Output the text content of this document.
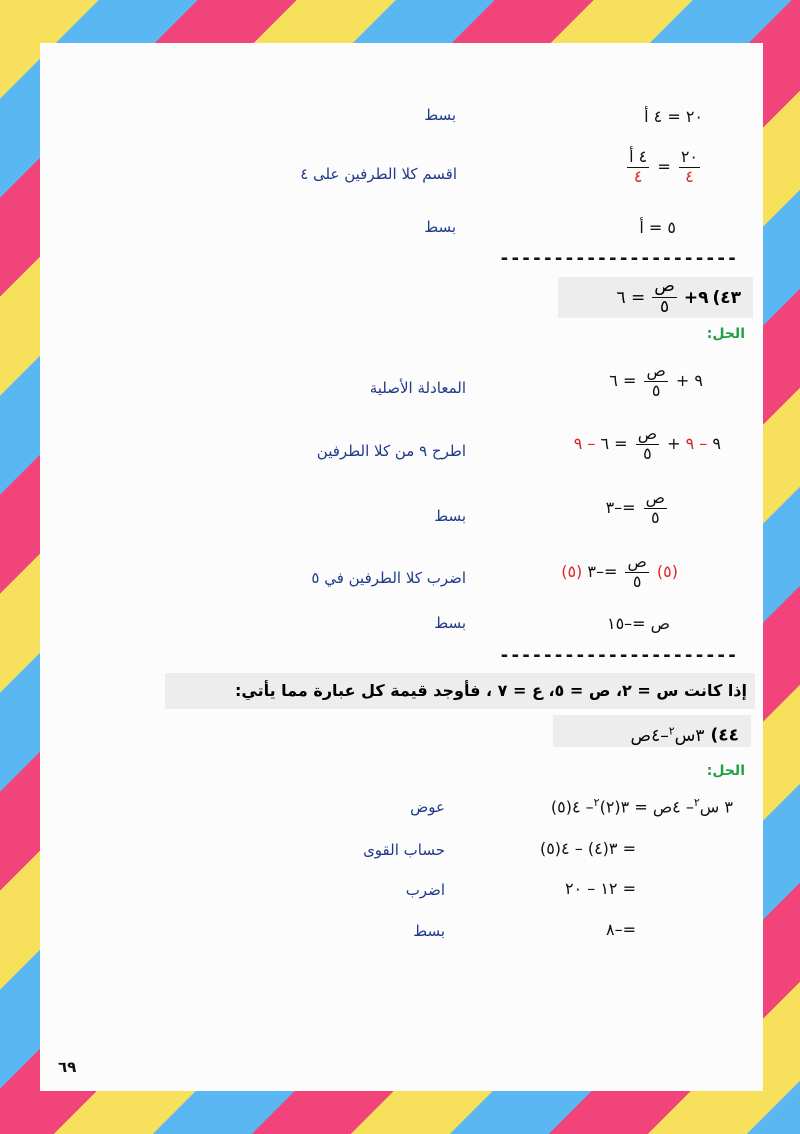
٢٠ = ٤ أ
بسط
$\frac{٢٠}{٤}$
=
$\frac{\text{٤ أ}}{٤}$
اقسم كلا الطرفين على ٤
٥ = أ
بسط
----------------------
٤٣)
٩+
$\frac{\text{ص}}{٥}$
= ٦
الحل:
٩ +
$\frac{\text{ص}}{٥}$
= ٦
المعادلة الأصلية
٩ – ٩ +
$\frac{\text{ص}}{٥}$
= ٦ – ٩
اطرح ٩ من كلا الطرفين
$\frac{\text{ص}}{٥}$
=–٣
بسط
(٥)
$\frac{\text{ص}}{٥}$
=–٣ (٥)
اضرب كلا الطرفين في ٥
ص =–١٥
بسط
----------------------
إذا كانت س = ٢، ص = ٥، ع = ٧ ، فأوجد قيمة كل عبارة مما يأتي:
٤٤) ٣س$^٢$–٤ص
الحل:
٣ س$^٢$– ٤ص = ٣(٢)$^٢$– ٤(٥)
عوض
= ٣(٤) – ٤(٥)
حساب القوى
= ١٢ – ٢٠
اضرب
=–٨
بسط
٦٩
